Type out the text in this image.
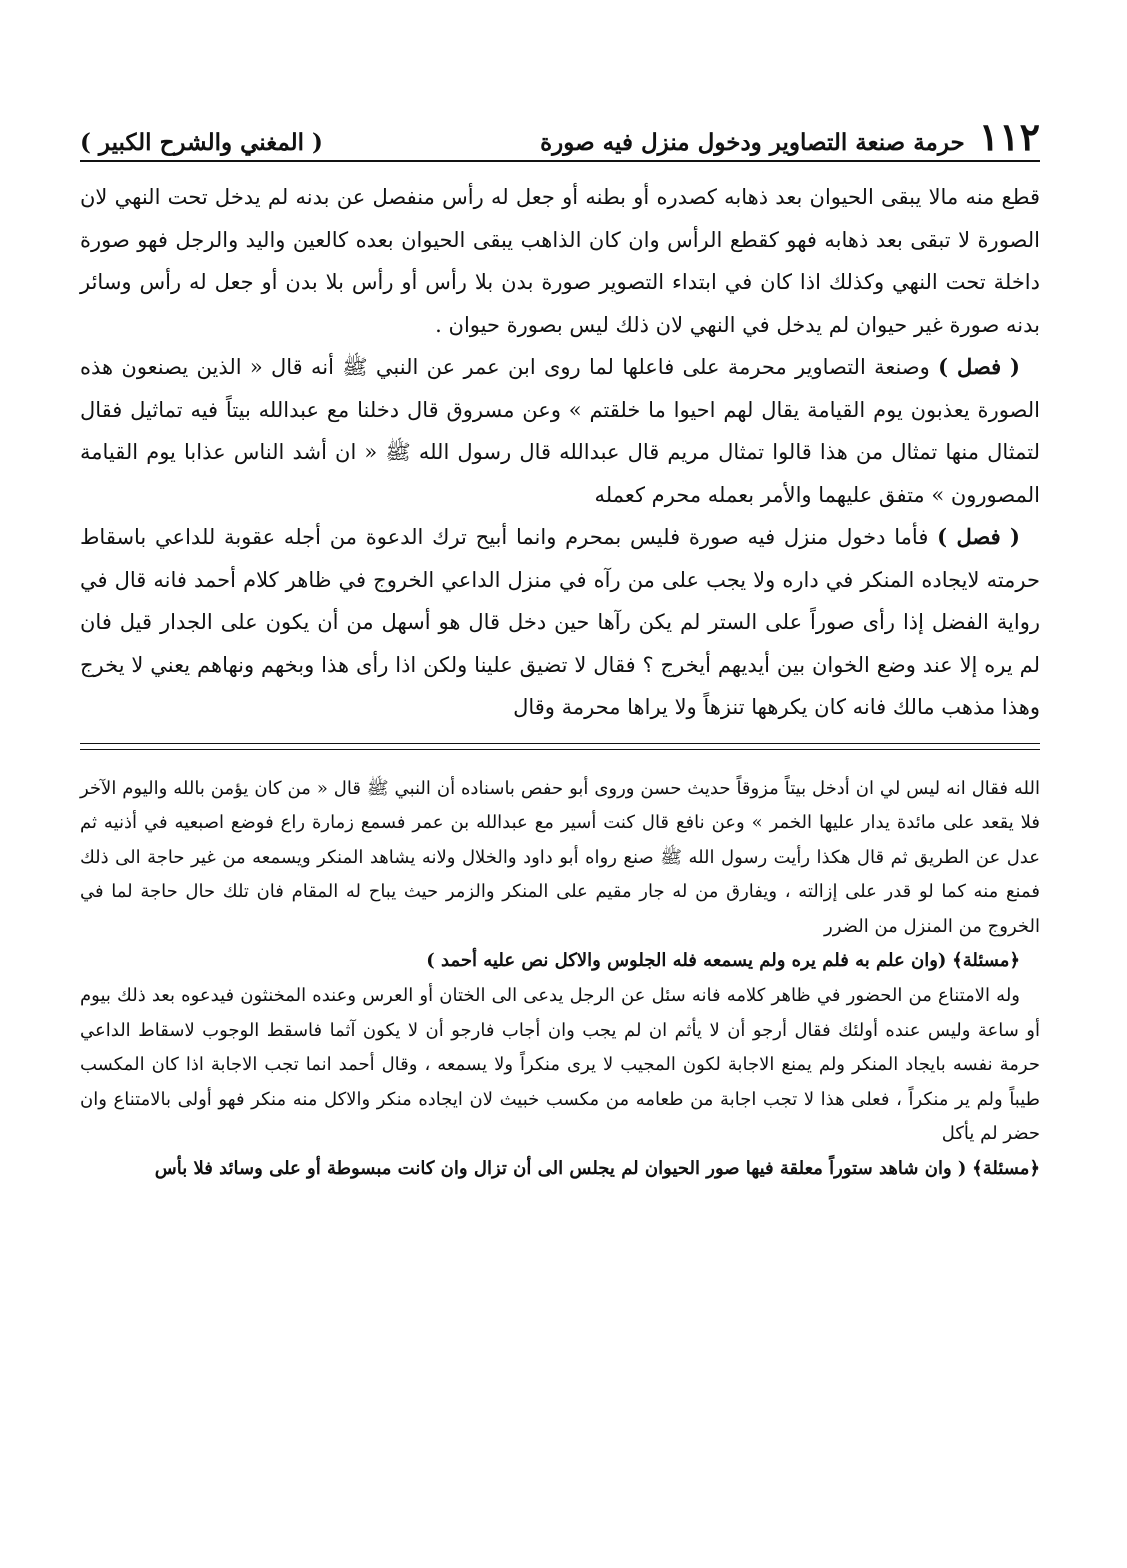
١١٢
حرمة صنعة التصاوير ودخول منزل فيه صورة
( المغني والشرح الكبير )

قطع منه مالا يبقى الحيوان بعد ذهابه كصدره أو بطنه أو جعل له رأس منفصل عن بدنه لم يدخل تحت النهي لان الصورة لا تبقى بعد ذهابه فهو كقطع الرأس وان كان الذاهب يبقى الحيوان بعده كالعين واليد والرجل فهو صورة داخلة تحت النهي وكذلك اذا كان في ابتداء التصوير صورة بدن بلا رأس أو رأس بلا بدن أو جعل له رأس وسائر بدنه صورة غير حيوان لم يدخل في النهي لان ذلك ليس بصورة حيوان .

( فصل ) وصنعة التصاوير محرمة على فاعلها لما روى ابن عمر عن النبي ﷺ أنه قال « الذين يصنعون هذه الصورة يعذبون يوم القيامة يقال لهم احيوا ما خلقتم » وعن مسروق قال دخلنا مع عبدالله بيتاً فيه تماثيل فقال لتمثال منها تمثال من هذا قالوا تمثال مريم قال عبدالله قال رسول الله ﷺ « ان أشد الناس عذابا يوم القيامة المصورون » متفق عليهما والأمر بعمله محرم كعمله

( فصل ) فأما دخول منزل فيه صورة فليس بمحرم وانما أبيح ترك الدعوة من أجله عقوبة للداعي باسقاط حرمته لايجاده المنكر في داره ولا يجب على من رآه في منزل الداعي الخروج في ظاهر كلام أحمد فانه قال في رواية الفضل إذا رأى صوراً على الستر لم يكن رآها حين دخل قال هو أسهل من أن يكون على الجدار قيل فان لم يره إلا عند وضع الخوان بين أيديهم أيخرج ؟ فقال لا تضيق علينا ولكن اذا رأى هذا وبخهم ونهاهم يعني لا يخرج وهذا مذهب مالك فانه كان يكرهها تنزهاً ولا يراها محرمة وقال

الله فقال انه ليس لي ان أدخل بيتاً مزوقاً حديث حسن وروى أبو حفص باسناده أن النبي ﷺ قال « من كان يؤمن بالله واليوم الآخر فلا يقعد على مائدة يدار عليها الخمر » وعن نافع قال كنت أسير مع عبدالله بن عمر فسمع زمارة راع فوضع اصبعيه في أذنيه ثم عدل عن الطريق ثم قال هكذا رأيت رسول الله ﷺ صنع رواه أبو داود والخلال ولانه يشاهد المنكر ويسمعه من غير حاجة الى ذلك فمنع منه كما لو قدر على إزالته ، ويفارق من له جار مقيم على المنكر والزمر حيث يباح له المقام فان تلك حال حاجة لما في الخروج من المنزل من الضرر

﴿مسئلة﴾ (وان علم به فلم يره ولم يسمعه فله الجلوس والاكل نص عليه أحمد )

وله الامتناع من الحضور في ظاهر كلامه فانه سئل عن الرجل يدعى الى الختان أو العرس وعنده المخنثون فيدعوه بعد ذلك بيوم أو ساعة وليس عنده أولئك فقال أرجو أن لا يأثم ان لم يجب وان أجاب فارجو أن لا يكون آثما فاسقط الوجوب لاسقاط الداعي حرمة نفسه بايجاد المنكر ولم يمنع الاجابة لكون المجيب لا يرى منكراً ولا يسمعه ، وقال أحمد انما تجب الاجابة اذا كان المكسب طيباً ولم ير منكراً ، فعلى هذا لا تجب اجابة من طعامه من مكسب خبيث لان ايجاده منكر والاكل منه منكر فهو أولى بالامتناع وان حضر لم يأكل

﴿مسئلة﴾ ( وان شاهد ستوراً معلقة فيها صور الحيوان لم يجلس الى أن تزال وان كانت مبسوطة أو على وسائد فلا بأس
